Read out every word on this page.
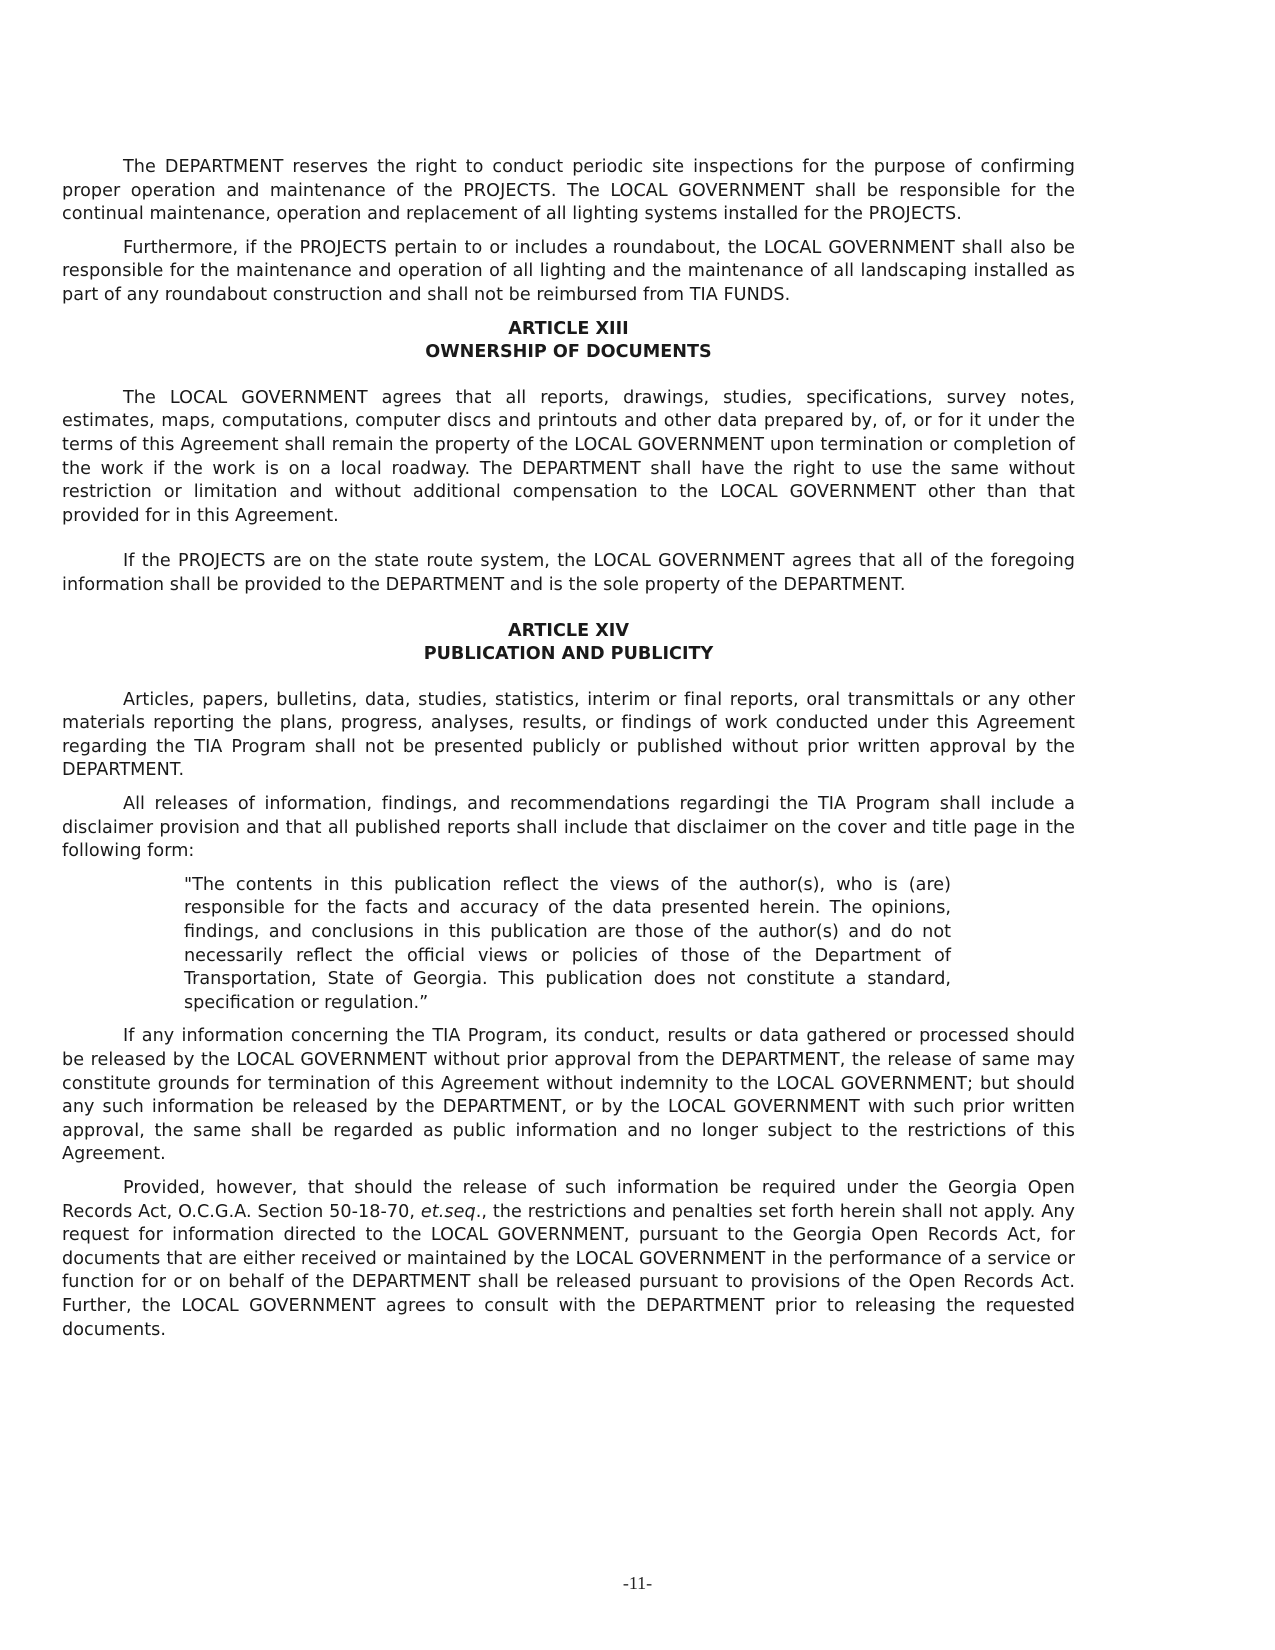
The DEPARTMENT reserves the right to conduct periodic site inspections for the purpose of confirming proper operation and maintenance of the PROJECTS. The LOCAL GOVERNMENT shall be responsible for the continual maintenance, operation and replacement of all lighting systems installed for the PROJECTS.

Furthermore, if the PROJECTS pertain to or includes a roundabout, the LOCAL GOVERNMENT shall also be responsible for the maintenance and operation of all lighting and the maintenance of all landscaping installed as part of any roundabout construction and shall not be reimbursed from TIA FUNDS.

ARTICLE XIII
OWNERSHIP OF DOCUMENTS

The LOCAL GOVERNMENT agrees that all reports, drawings, studies, specifications, survey notes, estimates, maps, computations, computer discs and printouts and other data prepared by, of, or for it under the terms of this Agreement shall remain the property of the LOCAL GOVERNMENT upon termination or completion of the work if the work is on a local roadway. The DEPARTMENT shall have the right to use the same without restriction or limitation and without additional compensation to the LOCAL GOVERNMENT other than that provided for in this Agreement.

If the PROJECTS are on the state route system, the LOCAL GOVERNMENT agrees that all of the foregoing information shall be provided to the DEPARTMENT and is the sole property of the DEPARTMENT.

ARTICLE XIV
PUBLICATION AND PUBLICITY

Articles, papers, bulletins, data, studies, statistics, interim or final reports, oral transmittals or any other materials reporting the plans, progress, analyses, results, or findings of work conducted under this Agreement regarding the TIA Program shall not be presented publicly or published without prior written approval by the DEPARTMENT.

All releases of information, findings, and recommendations regardingi the TIA Program shall include a disclaimer provision and that all published reports shall include that disclaimer on the cover and title page in the following form:

"The contents in this publication reflect the views of the author(s), who is (are) responsible for the facts and accuracy of the data presented herein. The opinions, findings, and conclusions in this publication are those of the author(s) and do not necessarily reflect the official views or policies of those of the Department of Transportation, State of Georgia. This publication does not constitute a standard, specification or regulation.”

If any information concerning the TIA Program, its conduct, results or data gathered or processed should be released by the LOCAL GOVERNMENT without prior approval from the DEPARTMENT, the release of same may constitute grounds for termination of this Agreement without indemnity to the LOCAL GOVERNMENT; but should any such information be released by the DEPARTMENT, or by the LOCAL GOVERNMENT with such prior written approval, the same shall be regarded as public information and no longer subject to the restrictions of this Agreement.

Provided, however, that should the release of such information be required under the Georgia Open Records Act, O.C.G.A. Section 50-18-70, et.seq., the restrictions and penalties set forth herein shall not apply. Any request for information directed to the LOCAL GOVERNMENT, pursuant to the Georgia Open Records Act, for documents that are either received or maintained by the LOCAL GOVERNMENT in the performance of a service or function for or on behalf of the DEPARTMENT shall be released pursuant to provisions of the Open Records Act. Further, the LOCAL GOVERNMENT agrees to consult with the DEPARTMENT prior to releasing the requested documents.

-11-
